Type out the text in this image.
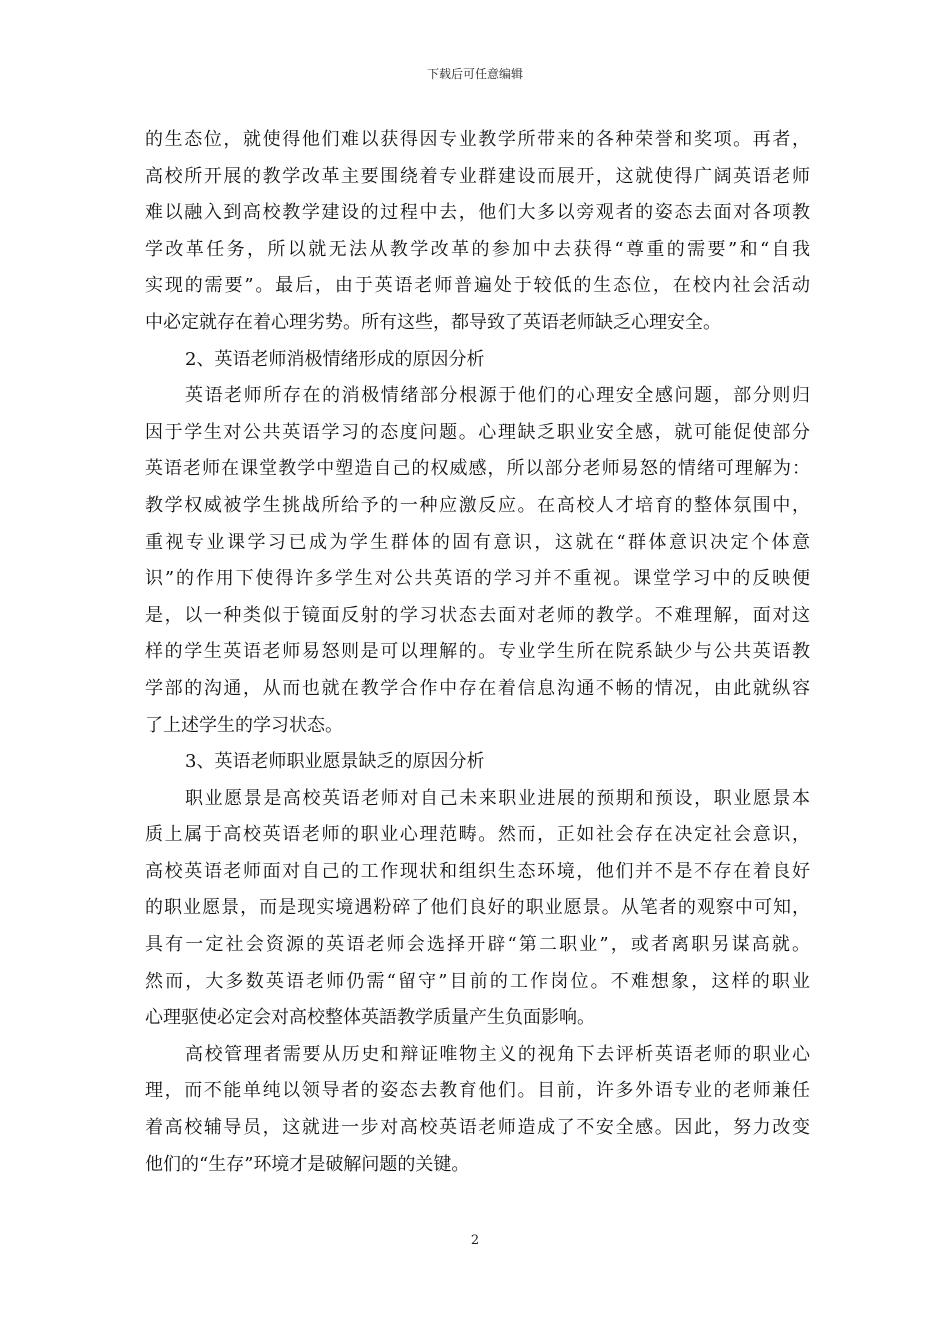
下载后可任意编辑
的生态位，就使得他们难以获得因专业教学所带来的各种荣誉和奖项。再者，
高校所开展的教学改革主要围绕着专业群建设而展开，这就使得广阔英语老师
难以融入到高校教学建设的过程中去，他们大多以旁观者的姿态去面对各项教
学改革任务，所以就无法从教学改革的参加中去获得“尊重的需要”和“自我
实现的需要”。最后，由于英语老师普遍处于较低的生态位，在校内社会活动
中必定就存在着心理劣势。所有这些，都导致了英语老师缺乏心理安全。
2、英语老师消极情绪形成的原因分析
英语老师所存在的消极情绪部分根源于他们的心理安全感问题，部分则归
因于学生对公共英语学习的态度问题。心理缺乏职业安全感，就可能促使部分
英语老师在课堂教学中塑造自己的权威感，所以部分老师易怒的情绪可理解为：
教学权威被学生挑战所给予的一种应激反应。在高校人才培育的整体氛围中，
重视专业课学习已成为学生群体的固有意识，这就在“群体意识决定个体意
识”的作用下使得许多学生对公共英语的学习并不重视。课堂学习中的反映便
是，以一种类似于镜面反射的学习状态去面对老师的教学。不难理解，面对这
样的学生英语老师易怒则是可以理解的。专业学生所在院系缺少与公共英语教
学部的沟通，从而也就在教学合作中存在着信息沟通不畅的情况，由此就纵容
了上述学生的学习状态。
3、英语老师职业愿景缺乏的原因分析
职业愿景是高校英语老师对自己未来职业进展的预期和预设，职业愿景本
质上属于高校英语老师的职业心理范畴。然而，正如社会存在决定社会意识，
高校英语老师面对自己的工作现状和组织生态环境，他们并不是不存在着良好
的职业愿景，而是现实境遇粉碎了他们良好的职业愿景。从笔者的观察中可知，
具有一定社会资源的英语老师会选择开辟“第二职业”，或者离职另谋高就。
然而，大多数英语老师仍需“留守”目前的工作岗位。不难想象，这样的职业
心理驱使必定会对高校整体英語教学质量产生负面影响。
高校管理者需要从历史和辩证唯物主义的视角下去评析英语老师的职业心
理，而不能单纯以领导者的姿态去教育他们。目前，许多外语专业的老师兼任
着高校辅导员，这就进一步对高校英语老师造成了不安全感。因此，努力改变
他们的“生存”环境才是破解问题的关键。
2
